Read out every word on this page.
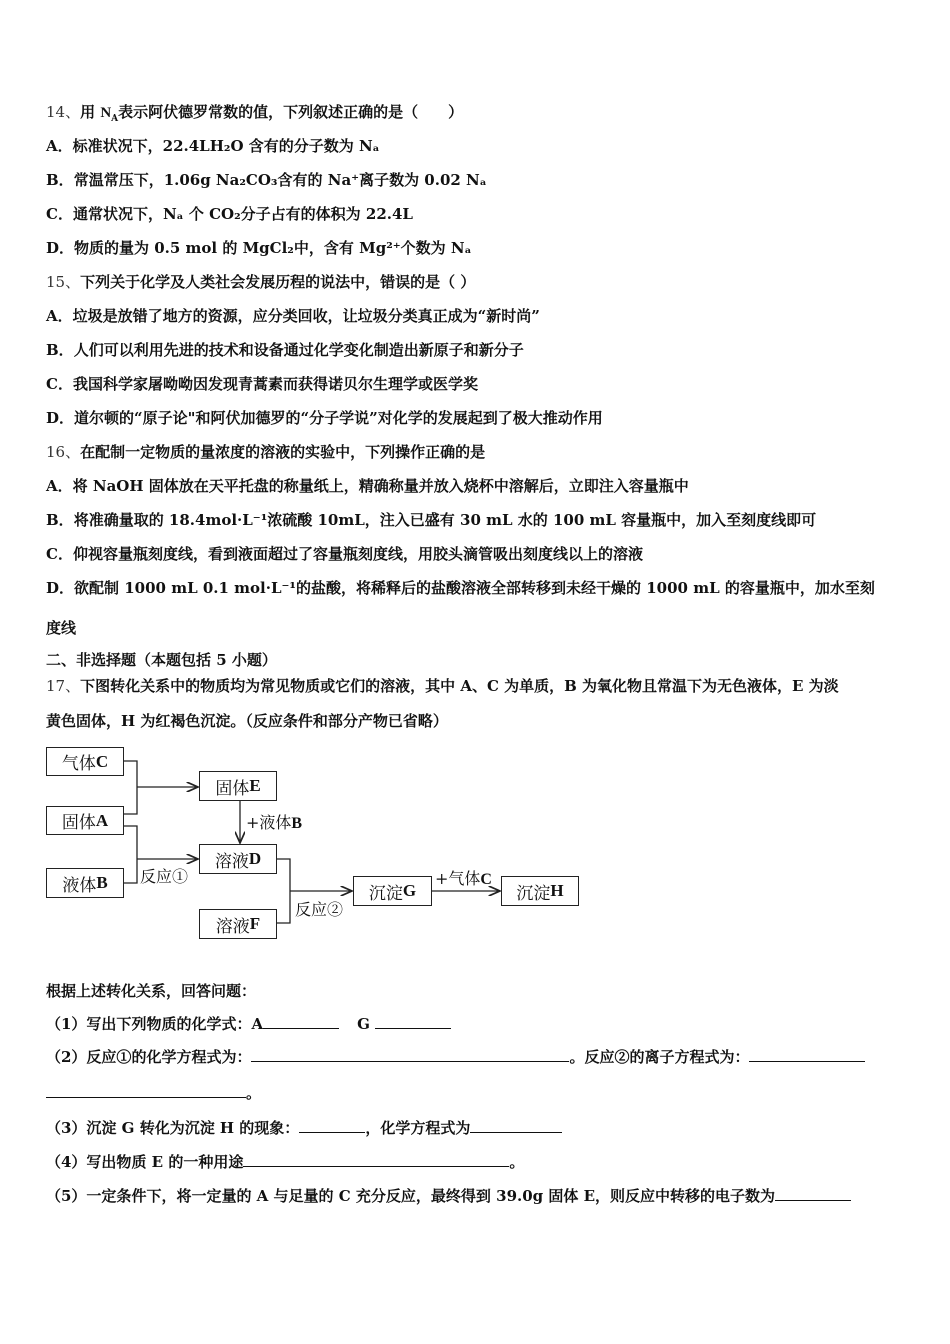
14、用 $N_A$表示阿伏德罗常数的值，下列叙述正确的是（　　）
A．标准状况下，22.4LH₂O 含有的分子数为 Nₐ
B．常温常压下，1.06g Na₂CO₃含有的 Na⁺离子数为 0.02 Nₐ
C．通常状况下，Nₐ 个 CO₂分子占有的体积为 22.4L
D．物质的量为 0.5 mol 的 MgCl₂中，含有 Mg²⁺个数为 Nₐ
15、下列关于化学及人类社会发展历程的说法中，错误的是（ ）
A．垃圾是放错了地方的资源，应分类回收，让垃圾分类真正成为“新时尚”
B．人们可以利用先进的技术和设备通过化学变化制造出新原子和新分子
C．我国科学家屠呦呦因发现青蒿素而获得诺贝尔生理学或医学奖
D．道尔顿的“原子论"和阿伏加德罗的“分子学说”对化学的发展起到了极大推动作用
16、在配制一定物质的量浓度的溶液的实验中，下列操作正确的是
A．将 NaOH 固体放在天平托盘的称量纸上，精确称量并放入烧杯中溶解后，立即注入容量瓶中
B．将准确量取的 18.4mol·L⁻¹浓硫酸 10mL，注入已盛有 30 mL 水的 100 mL 容量瓶中，加入至刻度线即可
C．仰视容量瓶刻度线，看到液面超过了容量瓶刻度线，用胶头滴管吸出刻度线以上的溶液
D．欲配制 1000 mL 0.1 mol·L⁻¹的盐酸，将稀释后的盐酸溶液全部转移到未经干燥的 1000 mL 的容量瓶中，加水至刻
度线
二、非选择题（本题包括 5 小题）
17、下图转化关系中的物质均为常见物质或它们的溶液，其中 A、C 为单质，B 为氧化物且常温下为无色液体，E 为淡
黄色固体，H 为红褐色沉淀。（反应条件和部分产物已省略）
气体 C
固体 A
液体 B
固体 E
溶液 D
溶液 F
沉淀 G	沉淀 H
+液体B
反应①
反应②
+气体C
根据上述转化关系，回答问题：
（1）写出下列物质的化学式：A	G
（2）反应①的化学方程式为：	。反应②的离子方程式为：
。
（3）沉淀 G 转化为沉淀 H 的现象：	，化学方程式为
（4）写出物质 E 的一种用途	。
（5）一定条件下，将一定量的 A 与足量的 C 充分反应，最终得到 39.0g 固体 E，则反应中转移的电子数为
